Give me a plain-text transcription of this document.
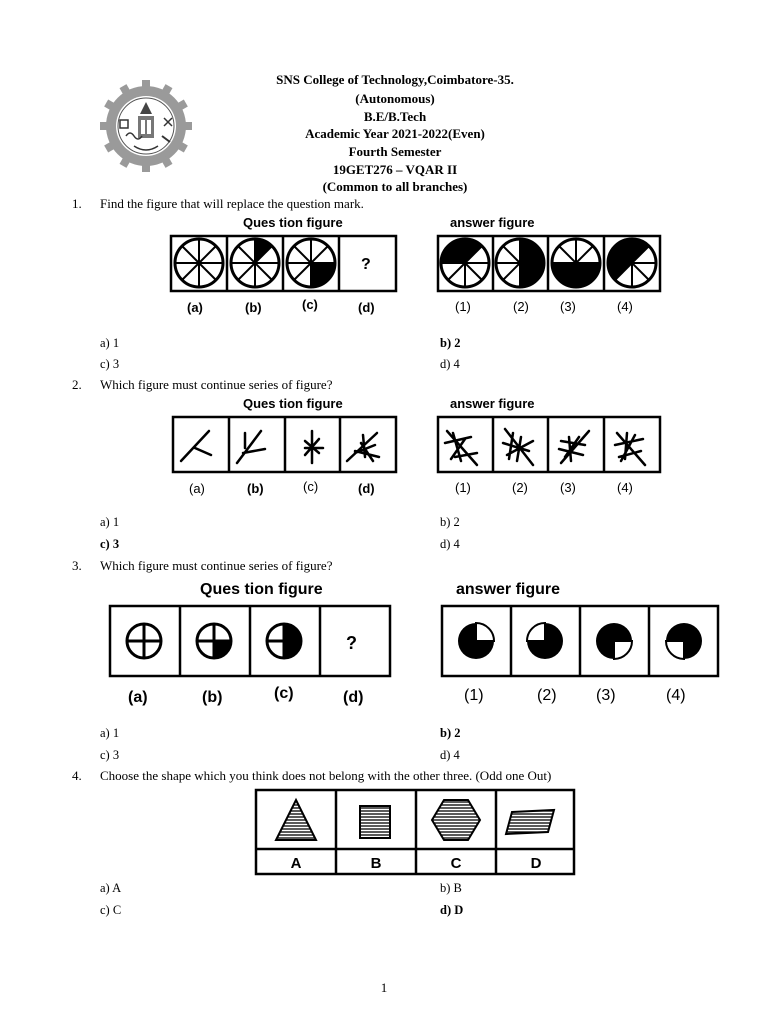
SNS College of Technology,Coimbatore-35.
(Autonomous)
B.E/B.Tech
Academic Year 2021-2022(Even)
Fourth Semester
19GET276 – VQAR II
(Common to all branches)
1. Find the figure that will replace the question mark.
Ques tion figure	answer figure
?
(a)	(b)	(c)	(d)	(1)	(2) (3)	(4)
a) 1	b) 2
c) 3	d) 4
2. Which figure must continue series of figure?
Ques tion figure	answer figure
(a)	(b)	(c)	(d)	(1)	(2) (3)	(4)
a) 1	b) 2
c) 3	d) 4
3. Which figure must continue series of figure?
Ques tion figure	answer figure
?
(a)	(b)	(c)	(d)	(1)	(2) (3)	(4)
a) 1	b) 2
c) 3	d) 4
4. Choose the shape which you think does not belong with the other three. (Odd one Out)
A	B	C	D
a) A	b) B
c) C	d) D
1
